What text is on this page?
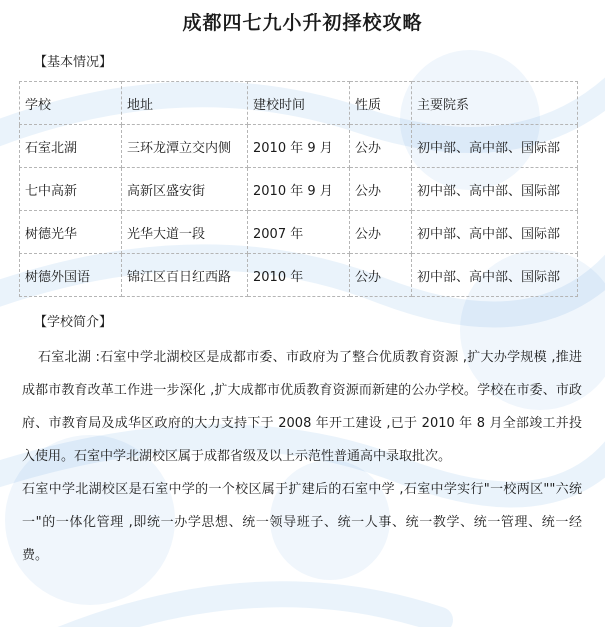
成都四七九小升初择校攻略
【基本情况】
学校	地址	建校时间	性质	主要院系
石室北湖	三环龙潭立交内侧	2010 年 9 月	公办	初中部、高中部、国际部
七中高新	高新区盛安街	2010 年 9 月	公办	初中部、高中部、国际部
树德光华	光华大道一段	2007 年	公办	初中部、高中部、国际部
树德外国语	锦江区百日红西路	2010 年	公办	初中部、高中部、国际部
【学校简介】

石室北湖 :石室中学北湖校区是成都市委、市政府为了整合优质教育资源 ,扩大办学规模 ,推进成都市教育改革工作进一步深化 ,扩大成都市优质教育资源而新建的公办学校。学校在市委、市政府、市教育局及成华区政府的大力支持下于 2008 年开工建设 ,已于 2010 年 8 月全部竣工并投入使用。石室中学北湖校区属于成都省级及以上示范性普通高中录取批次。

石室中学北湖校区是石室中学的一个校区属于扩建后的石室中学 ,石室中学实行"一校两区""六统一"的一体化管理 ,即统一办学思想、统一领导班子、统一人事、统一教学、统一管理、统一经费。
